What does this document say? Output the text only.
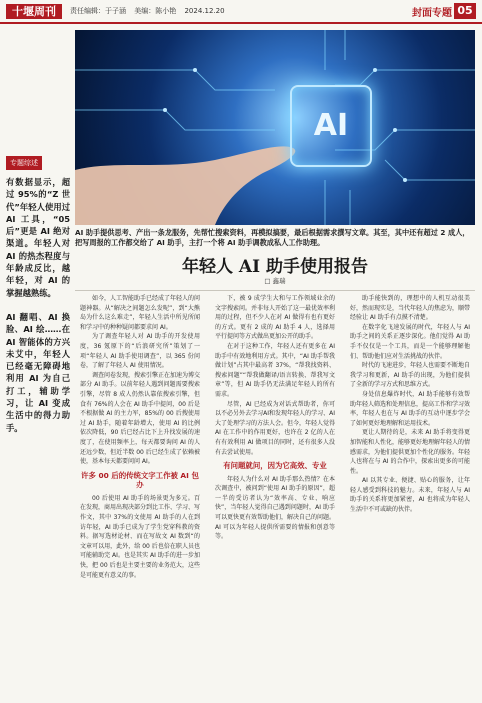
十堰周刊	责任编辑：于子涵 美编：陈小艳 2024.12.20	封面专题 05
专题综述
有数据显示，超过 95%的“Z 世代”年轻人使用过 AI 工具，“05 后”更是 AI 绝对渠道。年轻人对 AI 的热杰程度与年龄成反比，越年轻，对 AI 的掌握越熟练。
AI 翻唱、AI 换脸、AI 绘……在 AI 智能体的方兴未艾中，年轻人已经毫无障碍地利用 AI 为自己打工，辅助学习，让 AI 变成生活中的得力助手。
AI
AI 助手提供思考、产出一条龙服务，先帮忙搜索资料，再模拟搞要，最后根据需求撰写文章。其至，其中还有超过 2 成人，把写周报的工作都交给了 AI 助手，主打一个将 AI 助手调教成私人工作助理。
年轻人 AI 助手使用报告
□ 鑫瑞

如今，人工智能助手已经成了年轻人的问题神器。从“解决之间题怎么发呢”，到“大熊岛为什么这么难走”，年轻人生活中所见所闻和学习中的种种疑问都要求问 AI。

为了调查年轻人对 AI 助手的开发使用度，36 氪原下的“后浪研究所”策划了一项“年轻人 AI 助手使用调查”，以 365 份问卷，了解了年轻人 AI 使用情况。

调查问卷发现，搜索引擎正在加速为博交部分 AI 助手。以前年轻人遇到问题需要搜索引擎，尽管 8 成人仍然认靠依搜索引擎，但食有 76%的人会在 AI 助手中提问，00 后是不根据做 AI 的主力军，85%的 00 后搜使用过 AI 助手，随着年龄增大，使用 AI 的比例依次降低，90 后已经占比下上升找发展的速度了，在使用频率上，每天都要询问 AI 的人还远少数，但近半数 00 后已经生成了依赖被使，基本每天都要问问 AI。

许多 00 后的传统文字工作被 AI 包办

00 后使用 AI 助手的场景更为多元。百在发现，商用出现决部分到比工作、学习、写作文，其中 37%的文使用 AI 助手的人在到访年轻，AI 助手已成为了学生党穿科教的资料。据写选材论材、而在写故文 AI 数到“的文章可以用，此外，给 00 后也倍在职人员也可能辅助完 AI。也是其实 AI 助手的进一步加快，把 00 后也是主要主要的业务范大，这些是可能更有意义的事。

下，被 9 成学生大和与工作领域业余的文字搜索问。并非每人开始了这一最优效率利用的过程，但不少人在对 AI 做得有也有更好的方式。更有 2 成的 AI 助手 4 人，选择用平行提问等方式做出更加公开的助手。

在对于这种工作，年轻人还有更多在 AI 助手中有效地利用方式。其中，“AI 助手帮我做计划”占其中最高者 37%，“帮我找资料、搜索问题”“帮我做翻译/语言转换、帮我写文章”等，但 AI 助手仍无法满足年轻人的所有需求。

尽管，AI 已经成为对话式帮助者，你可以不必另外去学习AI和发现年轻人的学习、AI 大了处理学习的方法人会。但今，年轻人觉得 AI 在工作中的作用更好，也许在 2 亿的人在有有效利用 AI 做项目的同时，还有很多人没有去尝试使用。

有问题就问，因为它高效、专业

年轻人为什么对 AI 助手那么热情？在本次调查中，被问到“使用 AI 助手的原因”，超一半的受访者认为“效率高、专业、响应快”，当年轻人觉得自己遇到问题时，AI 助手可以更快更有效帮助他们，解决自己的问题。AI 可以为年轻人提供所需要的情报和创意等等。

助手能快到的，理想中的人机互动很美好，然而现实是，当代年轻人的焦虑为，顺带经验让 AI 助手有点摸不清楚。

在数字化飞速发展的时代，年轻人与 AI 助手之间的关系正逐步深化。他们觉得 AI 助手不仅仅是一个工具，而是一个能够理解他们、帮助他们应对生活挑战的伙伴。

时代的飞速进步，年轻人也需要不断地自我学习和更新，AI 助手的出现，为他们提供了全新的学习方式和思维方式。

身处信息爆炸时代，AI 助手能够有效帮助年轻人筛选和处理信息，提高工作和学习效率，年轻人也在与 AI 助手的互动中逐步学会了如何更好地理解和运用技术。

更让人期待的是，未来 AI 助手将变得更加智能和人性化，能够更好地理解年轻人的情感需求，为他们提供更加个性化的服务。年轻人也将在与 AI 的合作中，探索出更多的可能性。

AI 以其专业、便捷、贴心的服务，让年轻人感受到科技的魅力。未来，年轻人与 AI 助手的关系将更加紧密，AI 也将成为年轻人生活中不可或缺的伙伴。
